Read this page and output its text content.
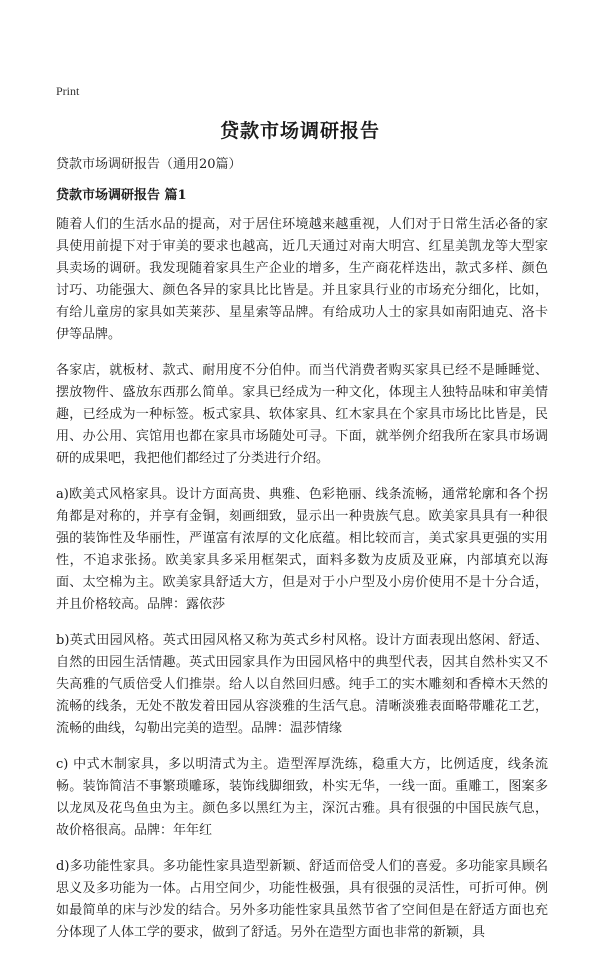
Print
贷款市场调研报告
贷款市场调研报告（通用20篇）
贷款市场调研报告 篇1

随着人们的生活水品的提高，对于居住环境越来越重视，人们对于日常生活必备的家具使用前提下对于审美的要求也越高，近几天通过对南大明宫、红星美凯龙等大型家具卖场的调研。我发现随着家具生产企业的增多，生产商花样迭出，款式多样、颜色讨巧、功能强大、颜色各异的家具比比皆是。并且家具行业的市场充分细化，比如，有给儿童房的家具如芙莱莎、星星索等品牌。有给成功人士的家具如南阳迪克、洛卡伊等品牌。

各家店，就板材、款式、耐用度不分伯仲。而当代消费者购买家具已经不是睡睡觉、摆放物件、盛放东西那么简单。家具已经成为一种文化，体现主人独特品味和审美情趣，已经成为一种标签。板式家具、软体家具、红木家具在个家具市场比比皆是，民用、办公用、宾馆用也都在家具市场随处可寻。下面，就举例介绍我所在家具市场调研的成果吧，我把他们都经过了分类进行介绍。

a)欧美式风格家具。设计方面高贵、典雅、色彩艳丽、线条流畅，通常轮廓和各个拐角都是对称的，并享有金铜，刻画细致，显示出一种贵族气息。欧美家具具有一种很强的装饰性及华丽性，严谨富有浓厚的文化底蕴。相比较而言，美式家具更强的实用性，不追求张扬。欧美家具多采用框架式，面料多数为皮质及亚麻，内部填充以海面、太空棉为主。欧美家具舒适大方，但是对于小户型及小房价使用不是十分合适，并且价格较高。品牌：露依莎

b)英式田园风格。英式田园风格又称为英式乡村风格。设计方面表现出悠闲、舒适、自然的田园生活情趣。英式田园家具作为田园风格中的典型代表，因其自然朴实又不失高雅的气质倍受人们推崇。给人以自然回归感。纯手工的实木雕刻和香樟木天然的流畅的线条，无处不散发着田园从容淡雅的生活气息。清晰淡雅表面略带雕花工艺，流畅的曲线，勾勒出完美的造型。品牌：温莎情缘

c) 中式木制家具，多以明清式为主。造型浑厚洗练，稳重大方，比例适度，线条流畅。装饰简洁不事繁琐雕琢，装饰线脚细致，朴实无华，一线一面。重雕工，图案多以龙凤及花鸟鱼虫为主。颜色多以黑红为主，深沉古雅。具有很强的中国民族气息，故价格很高。品牌：年年红

d)多功能性家具。多功能性家具造型新颖、舒适而倍受人们的喜爱。多功能家具顾名思义及多功能为一体。占用空间少，功能性极强，具有很强的灵活性，可折可伸。例如最简单的床与沙发的结合。另外多功能性家具虽然节省了空间但是在舒适方面也充分体现了人体工学的要求，做到了舒适。另外在造型方面也非常的新颖，具
